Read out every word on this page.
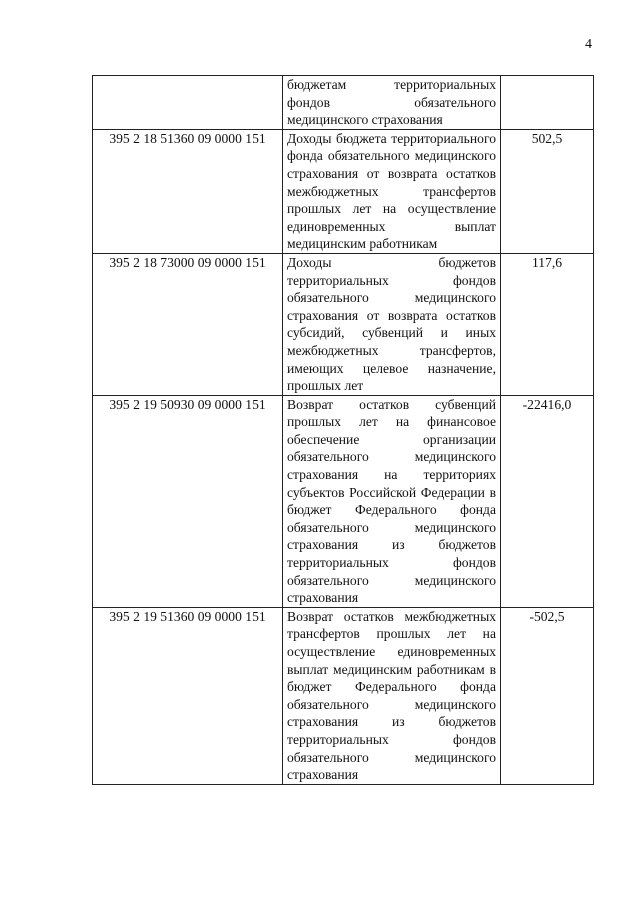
4
	бюджетам территориальных фондов обязательного медицинского страхования	
395 2 18 51360 09 0000 151	Доходы бюджета территориального фонда обязательного медицинского страхования от возврата остатков межбюджетных трансфертов прошлых лет на осуществление единовременных выплат медицинским работникам	502,5
395 2 18 73000 09 0000 151	Доходы бюджетов территориальных фондов обязательного медицинского страхования от возврата остатков субсидий, субвенций и иных межбюджетных трансфертов, имеющих целевое назначение, прошлых лет	117,6
395 2 19 50930 09 0000 151	Возврат остатков субвенций прошлых лет на финансовое обеспечение организации обязательного медицинского страхования на территориях субъектов Российской Федерации в бюджет Федерального фонда обязательного медицинского страхования из бюджетов территориальных фондов обязательного медицинского страхования	-22416,0
395 2 19 51360 09 0000 151	Возврат остатков межбюджетных трансфертов прошлых лет на осуществление единовременных выплат медицинским работникам в бюджет Федерального фонда обязательного медицинского страхования из бюджетов территориальных фондов обязательного медицинского страхования	-502,5
